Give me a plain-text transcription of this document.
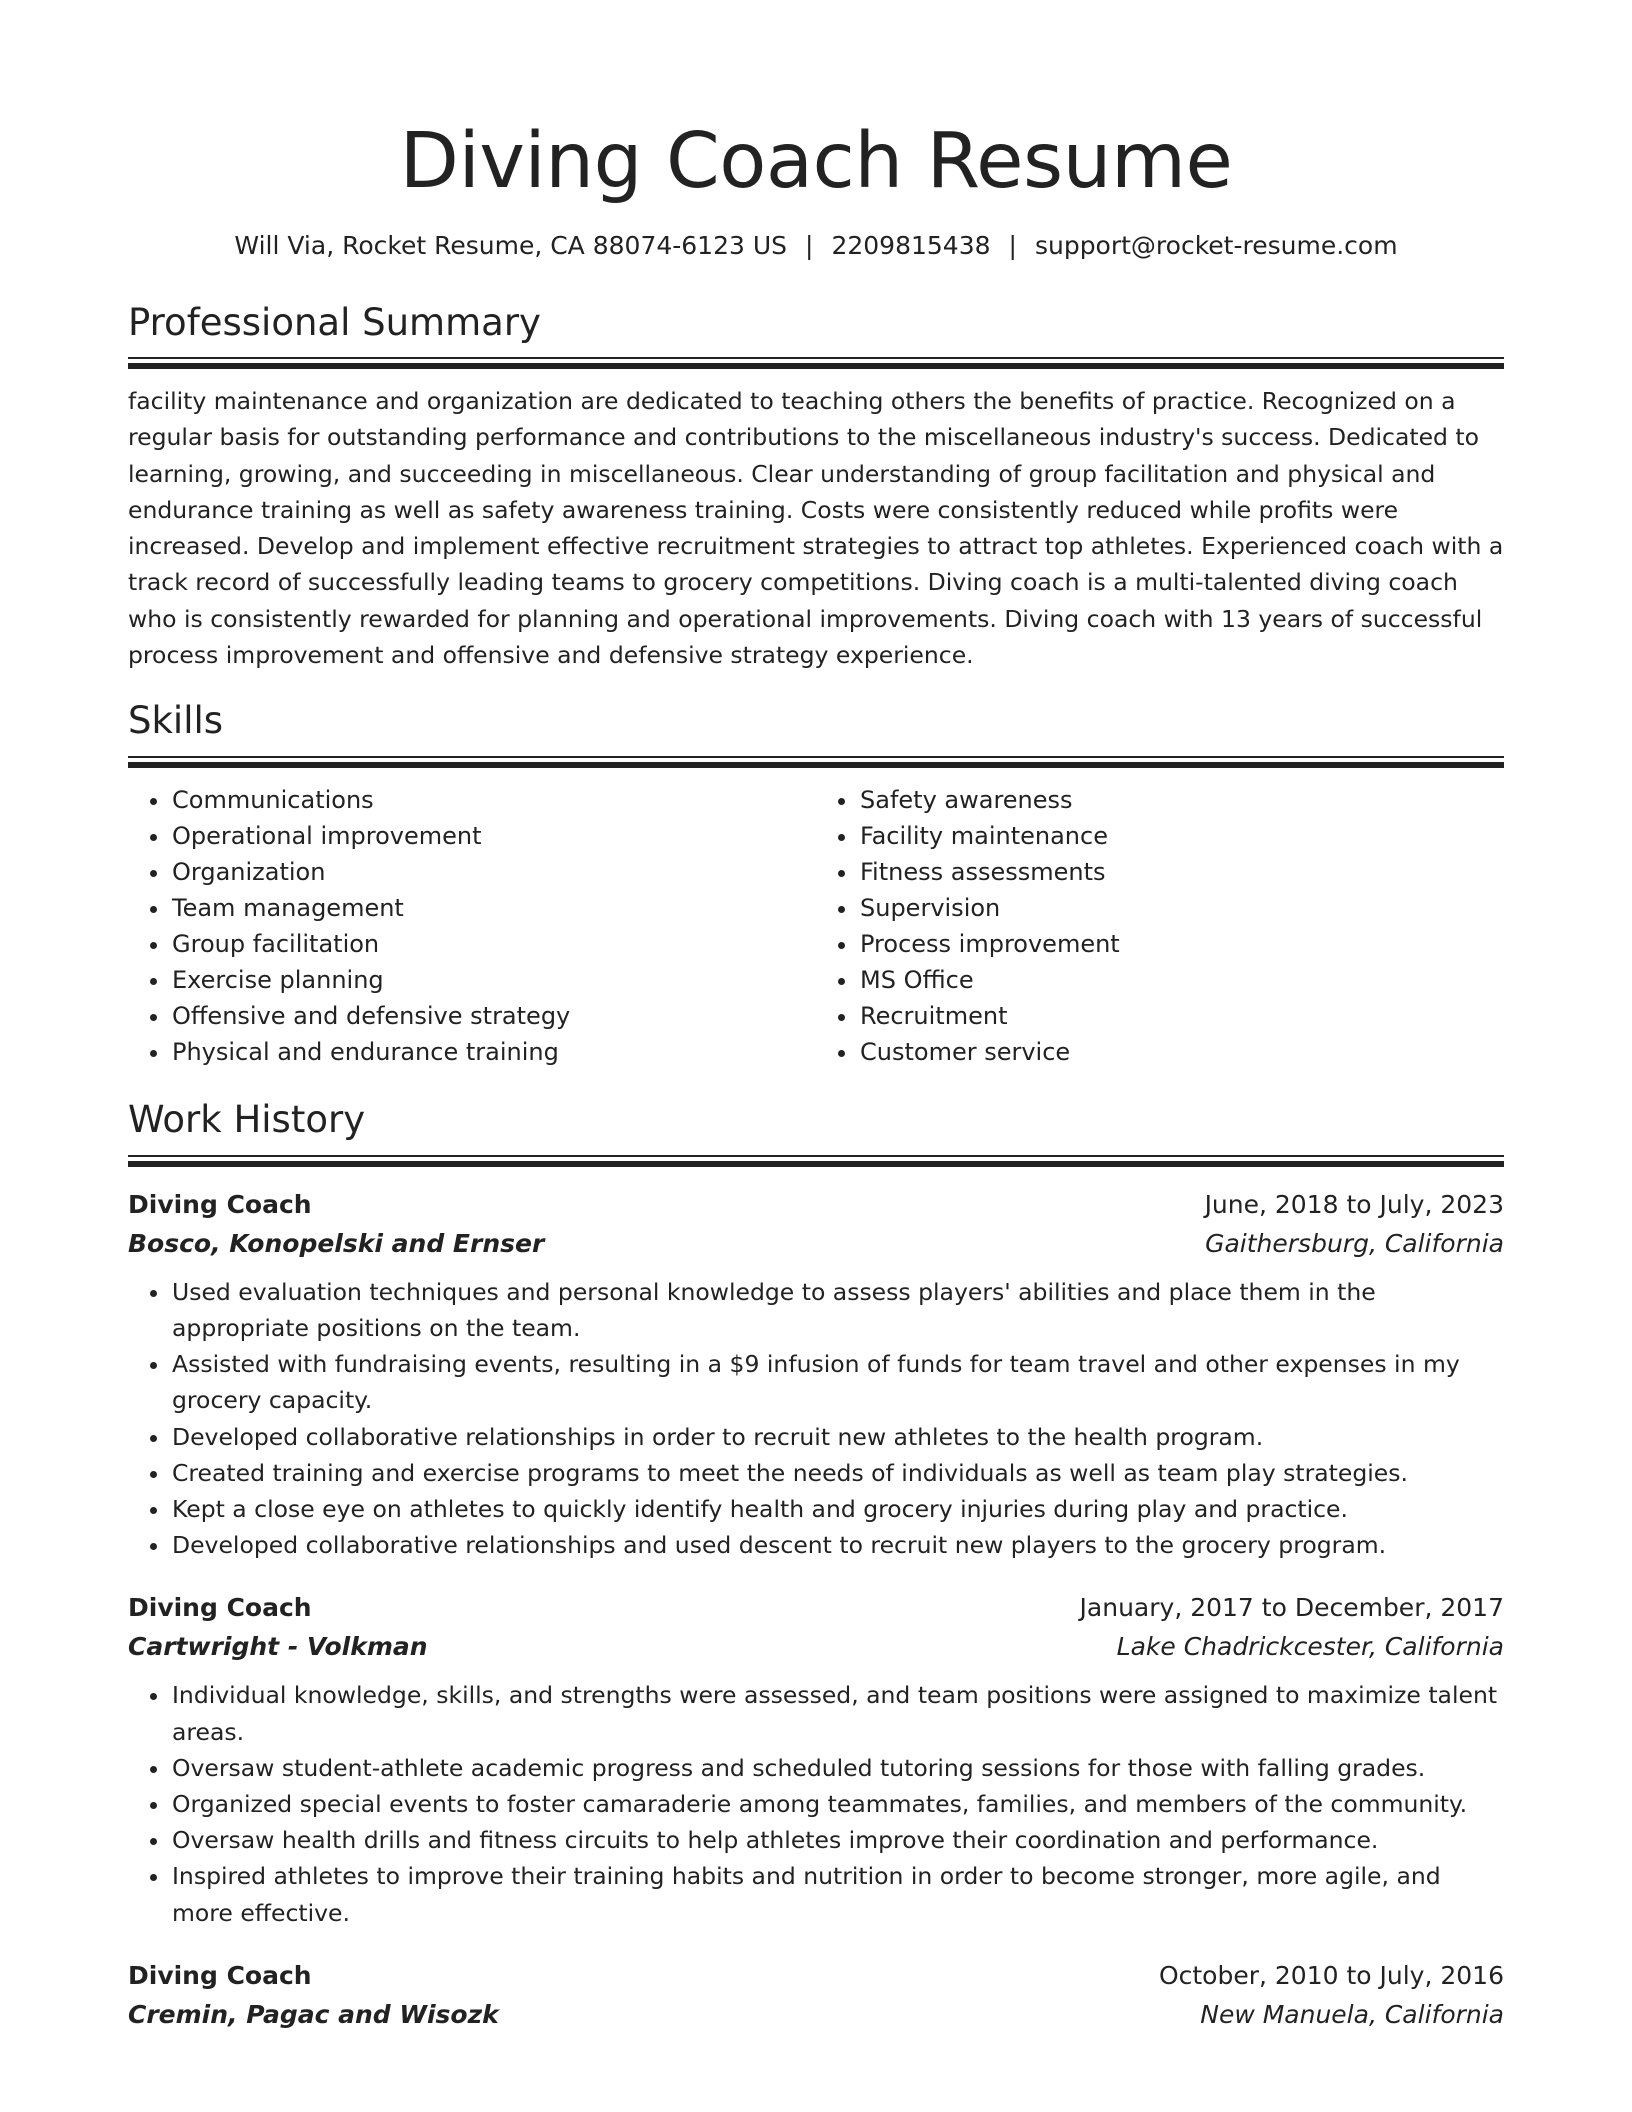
Diving Coach Resume
Will Via, Rocket Resume, CA 88074-6123 US | 2209815438 | support@rocket-resume.com
Professional Summary

facility maintenance and organization are dedicated to teaching others the benefits of practice. Recognized on a regular basis for outstanding performance and contributions to the miscellaneous industry's success. Dedicated to learning, growing, and succeeding in miscellaneous. Clear understanding of group facilitation and physical and endurance training as well as safety awareness training. Costs were consistently reduced while profits were increased. Develop and implement effective recruitment strategies to attract top athletes. Experienced coach with a track record of successfully leading teams to grocery competitions. Diving coach is a multi-talented diving coach who is consistently rewarded for planning and operational improvements. Diving coach with 13 years of successful process improvement and offensive and defensive strategy experience.

Skills
• Communications
• Operational improvement
• Organization
• Team management
• Group facilitation
• Exercise planning
• Offensive and defensive strategy
• Physical and endurance training
• Safety awareness
• Facility maintenance
• Fitness assessments
• Supervision
• Process improvement
• MS Office
• Recruitment
• Customer service
Work History
Diving Coach	June, 2018 to July, 2023
Bosco, Konopelski and Ernser	Gaithersburg, California
• Used evaluation techniques and personal knowledge to assess players' abilities and place them in the appropriate positions on the team.
• Assisted with fundraising events, resulting in a $9 infusion of funds for team travel and other expenses in my grocery capacity.
• Developed collaborative relationships in order to recruit new athletes to the health program.
• Created training and exercise programs to meet the needs of individuals as well as team play strategies.
• Kept a close eye on athletes to quickly identify health and grocery injuries during play and practice.
• Developed collaborative relationships and used descent to recruit new players to the grocery program.
Diving Coach	January, 2017 to December, 2017
Cartwright - Volkman	Lake Chadrickcester, California
• Individual knowledge, skills, and strengths were assessed, and team positions were assigned to maximize talent areas.
• Oversaw student-athlete academic progress and scheduled tutoring sessions for those with falling grades.
• Organized special events to foster camaraderie among teammates, families, and members of the community.
• Oversaw health drills and fitness circuits to help athletes improve their coordination and performance.
• Inspired athletes to improve their training habits and nutrition in order to become stronger, more agile, and more effective.
Diving Coach	October, 2010 to July, 2016
Cremin, Pagac and Wisozk	New Manuela, California
